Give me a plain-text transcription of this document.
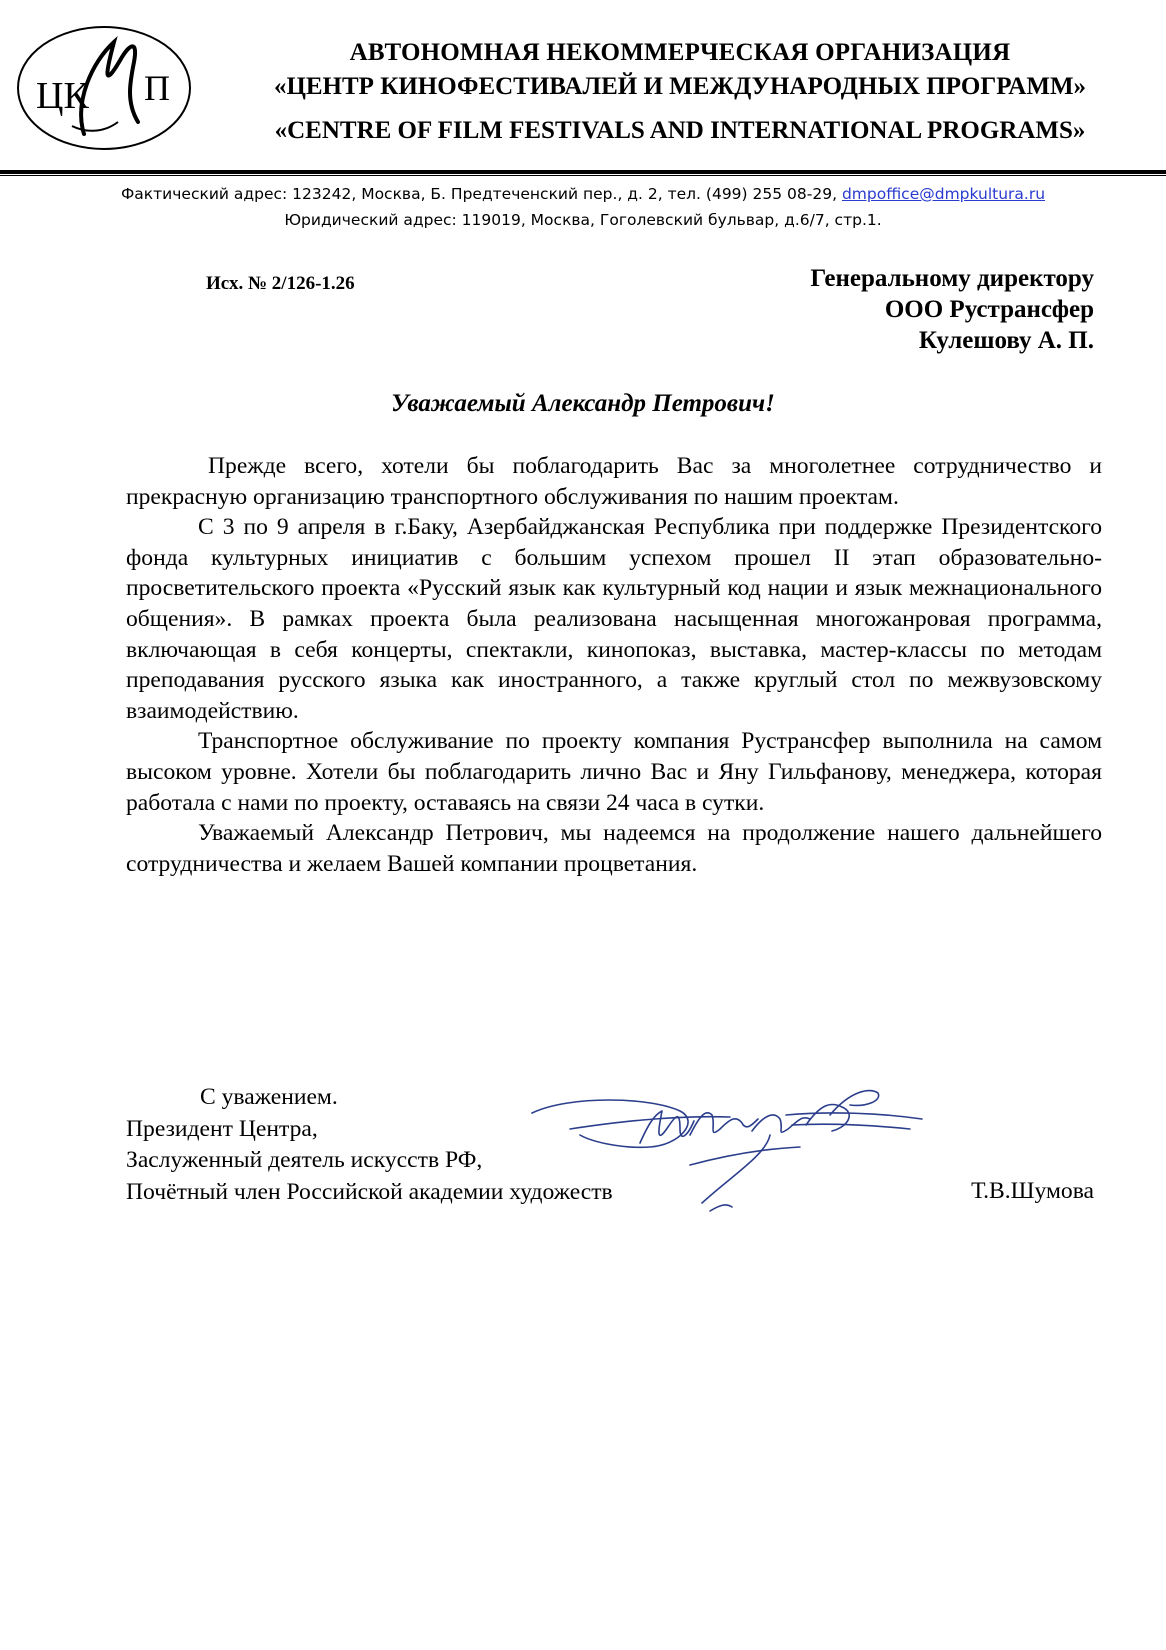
ЦК П
АВТОНОМНАЯ НЕКОММЕРЧЕСКАЯ ОРГАНИЗАЦИЯ
«ЦЕНТР КИНОФЕСТИВАЛЕЙ И МЕЖДУНАРОДНЫХ ПРОГРАММ»
«CENTRE OF FILM FESTIVALS AND INTERNATIONAL PROGRAMS»
Фактический адрес: 123242, Москва, Б. Предтеченский пер., д. 2, тел. (499) 255 08-29, dmpoffice@dmpkultura.ru
Юридический адрес: 119019, Москва, Гоголевский бульвар, д.6/7, стр.1.
Исх. № 2/126-1.26	Генеральному директору
ООО Рустрансфер
Кулешову А. П.
Уважаемый Александр Петрович!

Прежде всего, хотели бы поблагодарить Вас за многолетнее сотрудничество и прекрасную организацию транспортного обслуживания по нашим проектам.

С 3 по 9 апреля в г.Баку, Азербайджанская Республика при поддержке Президентского фонда культурных инициатив с большим успехом прошел II этап образовательно-просветительского проекта «Русский язык как культурный код нации и язык межнационального общения». В рамках проекта была реализована насыщенная многожанровая программа, включающая в себя концерты, спектакли, кинопоказ, выставка, мастер-классы по методам преподавания русского языка как иностранного, а также круглый стол по межвузовскому взаимодействию.

Транспортное обслуживание по проекту компания Рустрансфер выполнила на самом высоком уровне. Хотели бы поблагодарить лично Вас и Яну Гильфанову, менеджера, которая работала с нами по проекту, оставаясь на связи 24 часа в сутки.

Уважаемый Александр Петрович, мы надеемся на продолжение нашего дальнейшего сотрудничества и желаем Вашей компании процветания.

С уважением.
Президент Центра,
Заслуженный деятель искусств РФ,
Почётный член Российской академии художеств	Т.В.Шумова
